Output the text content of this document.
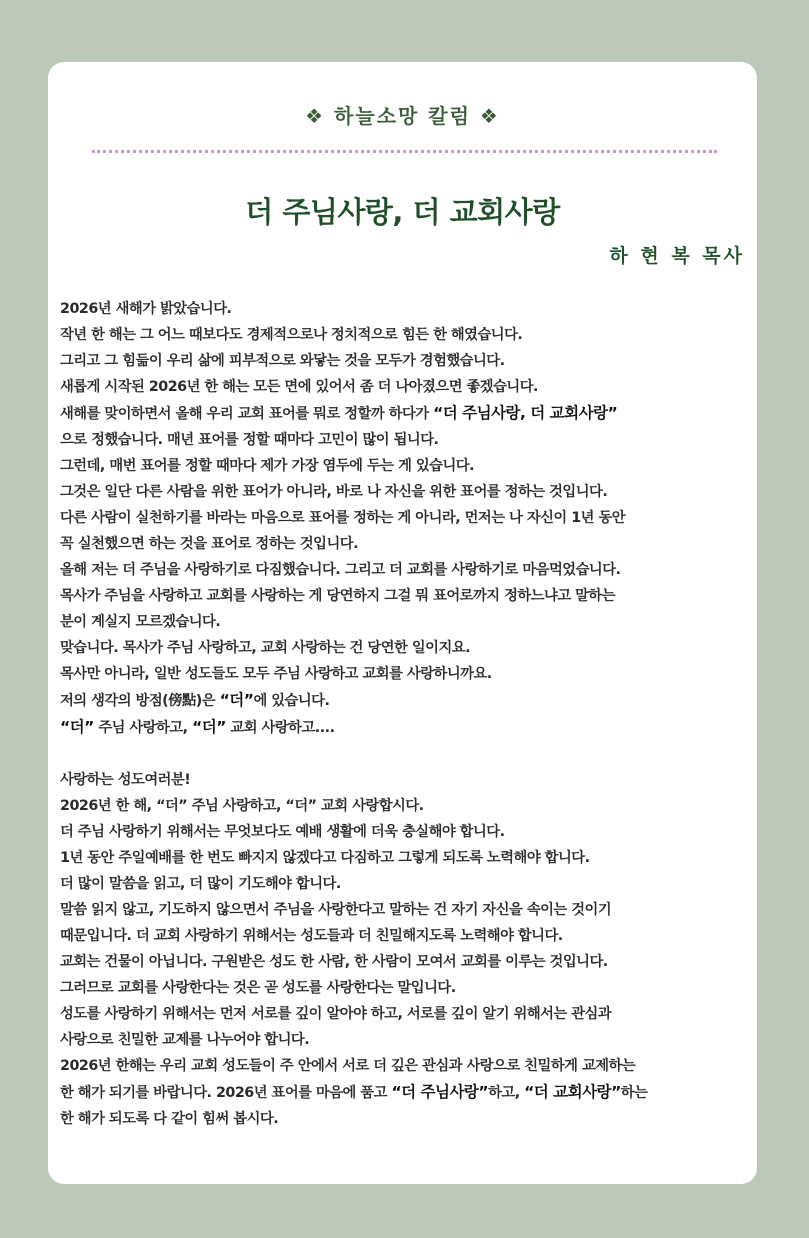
❖ 하늘소망 칼럼 ❖
더 주님사랑, 더 교회사랑
하 현 복 목사

2026년 새해가 밝았습니다.

작년 한 해는 그 어느 때보다도 경제적으로나 정치적으로 힘든 한 해였습니다.

그리고 그 힘듦이 우리 삶에 피부적으로 와닿는 것을 모두가 경험했습니다.

새롭게 시작된 2026년 한 해는 모든 면에 있어서 좀 더 나아졌으면 좋겠습니다.

새해를 맞이하면서 올해 우리 교회 표어를 뭐로 정할까 하다가 “더 주님사랑, 더 교회사랑”

으로 정했습니다. 매년 표어를 정할 때마다 고민이 많이 됩니다.

그런데, 매번 표어를 정할 때마다 제가 가장 염두에 두는 게 있습니다.

그것은 일단 다른 사람을 위한 표어가 아니라, 바로 나 자신을 위한 표어를 정하는 것입니다.

다른 사람이 실천하기를 바라는 마음으로 표어를 정하는 게 아니라, 먼저는 나 자신이 1년 동안

꼭 실천했으면 하는 것을 표어로 정하는 것입니다.

올해 저는 더 주님을 사랑하기로 다짐했습니다. 그리고 더 교회를 사랑하기로 마음먹었습니다.

목사가 주님을 사랑하고 교회를 사랑하는 게 당연하지 그걸 뭐 표어로까지 정하느냐고 말하는

분이 계실지 모르겠습니다.

맞습니다. 목사가 주님 사랑하고, 교회 사랑하는 건 당연한 일이지요.

목사만 아니라, 일반 성도들도 모두 주님 사랑하고 교회를 사랑하니까요.

저의 생각의 방점(傍點)은 “더”에 있습니다.

“더” 주님 사랑하고, “더” 교회 사랑하고....

사랑하는 성도여러분!

2026년 한 해, “더” 주님 사랑하고, “더” 교회 사랑합시다.

더 주님 사랑하기 위해서는 무엇보다도 예배 생활에 더욱 충실해야 합니다.

1년 동안 주일예배를 한 번도 빠지지 않겠다고 다짐하고 그렇게 되도록 노력해야 합니다.

더 많이 말씀을 읽고, 더 많이 기도해야 합니다.

말씀 읽지 않고, 기도하지 않으면서 주님을 사랑한다고 말하는 건 자기 자신을 속이는 것이기

때문입니다. 더 교회 사랑하기 위해서는 성도들과 더 친밀해지도록 노력해야 합니다.

교회는 건물이 아닙니다. 구원받은 성도 한 사람, 한 사람이 모여서 교회를 이루는 것입니다.

그러므로 교회를 사랑한다는 것은 곧 성도를 사랑한다는 말입니다.

성도를 사랑하기 위해서는 먼저 서로를 깊이 알아야 하고, 서로를 깊이 알기 위해서는 관심과

사랑으로 친밀한 교제를 나누어야 합니다.

2026년 한해는 우리 교회 성도들이 주 안에서 서로 더 깊은 관심과 사랑으로 친밀하게 교제하는

한 해가 되기를 바랍니다. 2026년 표어를 마음에 품고 “더 주님사랑”하고, “더 교회사랑”하는

한 해가 되도록 다 같이 힘써 봅시다.
